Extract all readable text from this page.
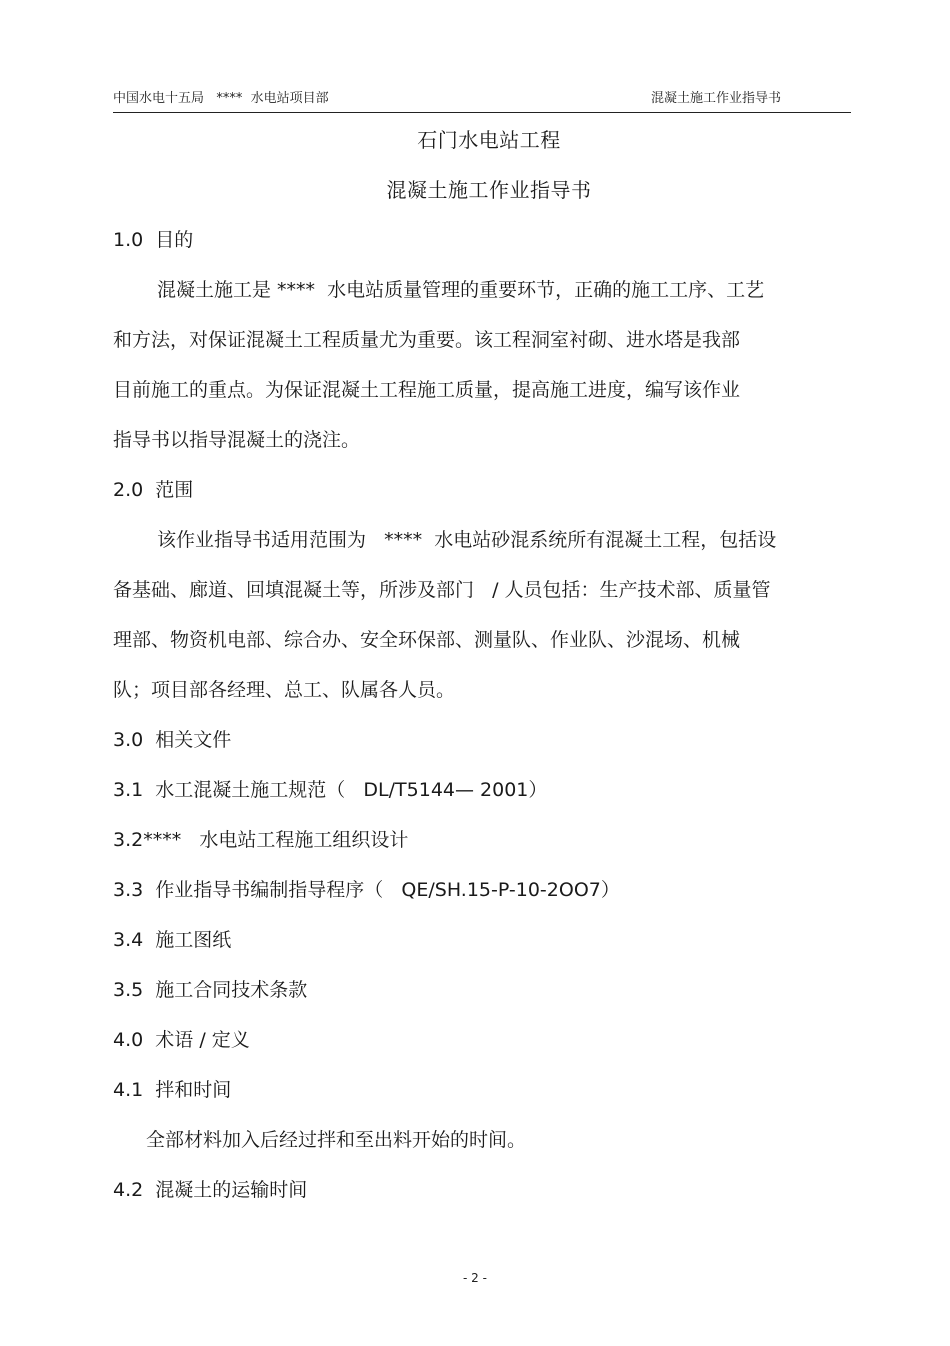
中国水电十五局   ****  水电站项目部	混凝土施工作业指导书
石门水电站工程
混凝土施工作业指导书
1.0  目的
混凝土施工是 ****  水电站质量管理的重要环节，正确的施工工序、工艺
和方法，对保证混凝土工程质量尤为重要。该工程洞室衬砌、进水塔是我部
目前施工的重点。为保证混凝土工程施工质量，提高施工进度，编写该作业
指导书以指导混凝土的浇注。
2.0  范围
该作业指导书适用范围为   ****  水电站砂混系统所有混凝土工程，包括设
备基础、廊道、回填混凝土等，所涉及部门   / 人员包括：生产技术部、质量管
理部、物资机电部、综合办、安全环保部、测量队、作业队、沙混场、机械
队；项目部各经理、总工、队属各人员。
3.0  相关文件
3.1  水工混凝土施工规范（   DL/T5144— 2001）
3.2****   水电站工程施工组织设计
3.3  作业指导书编制指导程序（   QE/SH.15-P-10-2OO7）
3.4  施工图纸
3.5  施工合同技术条款
4.0  术语 / 定义
4.1  拌和时间
全部材料加入后经过拌和至出料开始的时间。
4.2  混凝土的运输时间
- 2 -
